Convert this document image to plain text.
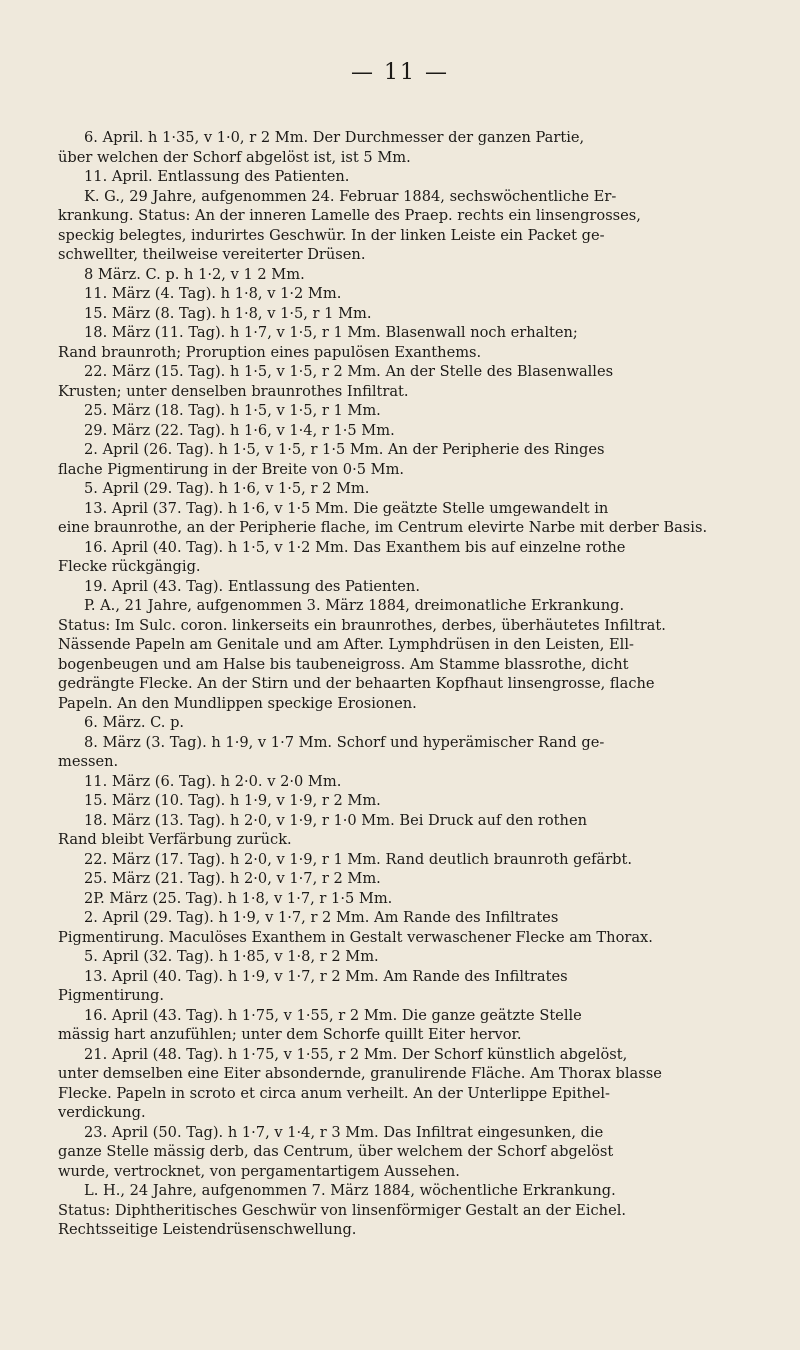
— 11 —
6. April. h 1·35, v 1·0, r 2 Mm. Der Durchmesser der ganzen Partie,
über welchen der Schorf abgelöst ist, ist 5 Mm.
11. April. Entlassung des Patienten.
K. G., 29 Jahre, aufgenommen 24. Februar 1884, sechswöchentliche Er-
krankung. Status: An der inneren Lamelle des Praep. rechts ein linsengrosses,
speckig belegtes, indurirtes Geschwür. In der linken Leiste ein Packet ge-
schwellter, theilweise vereiterter Drüsen.
8 März. C. p. h 1·2, v 1 2 Mm.
11. März (4. Tag). h 1·8, v 1·2 Mm.
15. März (8. Tag). h 1·8, v 1·5, r 1 Mm.
18. März (11. Tag). h 1·7, v 1·5, r 1 Mm. Blasenwall noch erhalten;
Rand braunroth; Proruption eines papulösen Exanthems.
22. März (15. Tag). h 1·5, v 1·5, r 2 Mm. An der Stelle des Blasenwalles
Krusten; unter denselben braunrothes Infiltrat.
25. März (18. Tag). h 1·5, v 1·5, r 1 Mm.
29. März (22. Tag). h 1·6, v 1·4, r 1·5 Mm.
2. April (26. Tag). h 1·5, v 1·5, r 1·5 Mm. An der Peripherie des Ringes
flache Pigmentirung in der Breite von 0·5 Mm.
5. April (29. Tag). h 1·6, v 1·5, r 2 Mm.
13. April (37. Tag). h 1·6, v 1·5 Mm. Die geätzte Stelle umgewandelt in
eine braunrothe, an der Peripherie flache, im Centrum elevirte Narbe mit derber Basis.
16. April (40. Tag). h 1·5, v 1·2 Mm. Das Exanthem bis auf einzelne rothe
Flecke rückgängig.
19. April (43. Tag). Entlassung des Patienten.
P. A., 21 Jahre, aufgenommen 3. März 1884, dreimonatliche Erkrankung.
Status: Im Sulc. coron. linkerseits ein braunrothes, derbes, überhäutetes Infiltrat.
Nässende Papeln am Genitale und am After. Lymphdrüsen in den Leisten, Ell-
bogenbeugen und am Halse bis taubeneigross. Am Stamme blassrothe, dicht
gedrängte Flecke. An der Stirn und der behaarten Kopfhaut linsengrosse, flache
Papeln. An den Mundlippen speckige Erosionen.
6. März. C. p.
8. März (3. Tag). h 1·9, v 1·7 Mm. Schorf und hyperämischer Rand ge-
messen.
11. März (6. Tag). h 2·0. v 2·0 Mm.
15. März (10. Tag). h 1·9, v 1·9, r 2 Mm.
18. März (13. Tag). h 2·0, v 1·9, r 1·0 Mm. Bei Druck auf den rothen
Rand bleibt Verfärbung zurück.
22. März (17. Tag). h 2·0, v 1·9, r 1 Mm. Rand deutlich braunroth gefärbt.
25. März (21. Tag). h 2·0, v 1·7, r 2 Mm.
2P. März (25. Tag). h 1·8, v 1·7, r 1·5 Mm.
2. April (29. Tag). h 1·9, v 1·7, r 2 Mm. Am Rande des Infiltrates
Pigmentirung. Maculöses Exanthem in Gestalt verwaschener Flecke am Thorax.
5. April (32. Tag). h 1·85, v 1·8, r 2 Mm.
13. April (40. Tag). h 1·9, v 1·7, r 2 Mm. Am Rande des Infiltrates
Pigmentirung.
16. April (43. Tag). h 1·75, v 1·55, r 2 Mm. Die ganze geätzte Stelle
mässig hart anzufühlen; unter dem Schorfe quillt Eiter hervor.
21. April (48. Tag). h 1·75, v 1·55, r 2 Mm. Der Schorf künstlich abgelöst,
unter demselben eine Eiter absondernde, granulirende Fläche. Am Thorax blasse
Flecke. Papeln in scroto et circa anum verheilt. An der Unterlippe Epithel-
verdickung.
23. April (50. Tag). h 1·7, v 1·4, r 3 Mm. Das Infiltrat eingesunken, die
ganze Stelle mässig derb, das Centrum, über welchem der Schorf abgelöst
wurde, vertrocknet, von pergamentartigem Aussehen.
L. H., 24 Jahre, aufgenommen 7. März 1884, wöchentliche Erkrankung.
Status: Diphtheritisches Geschwür von linsenförmiger Gestalt an der Eichel.
Rechtsseitige Leistendrüsenschwellung.
